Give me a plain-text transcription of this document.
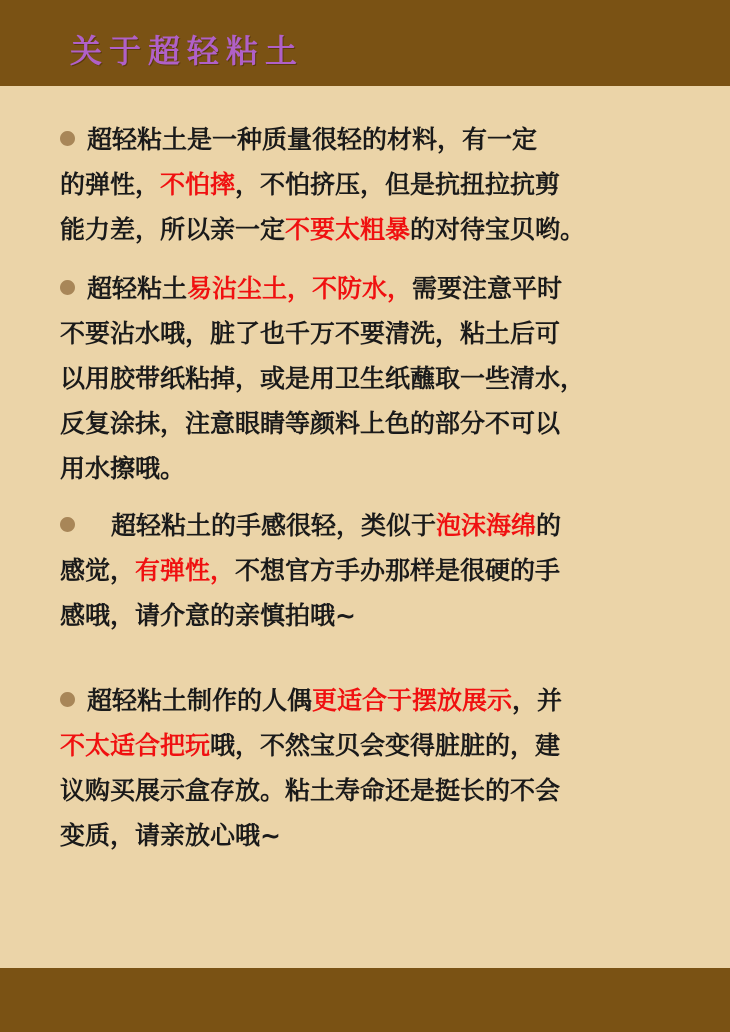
关于超轻粘土
超轻粘土是一种质量很轻的材料，有一定
的弹性，不怕摔，不怕挤压，但是抗扭拉抗剪
能力差，所以亲一定不要太粗暴的对待宝贝哟。
超轻粘土易沾尘土，不防水，需要注意平时
不要沾水哦，脏了也千万不要清洗，粘土后可
以用胶带纸粘掉，或是用卫生纸蘸取一些清水，
反复涂抹，注意眼睛等颜料上色的部分不可以
用水擦哦。
超轻粘土的手感很轻，类似于泡沫海绵的
感觉，有弹性，不想官方手办那样是很硬的手
感哦，请介意的亲慎拍哦~
超轻粘土制作的人偶更适合于摆放展示，并
不太适合把玩哦，不然宝贝会变得脏脏的，建
议购买展示盒存放。粘土寿命还是挺长的不会
变质，请亲放心哦~
